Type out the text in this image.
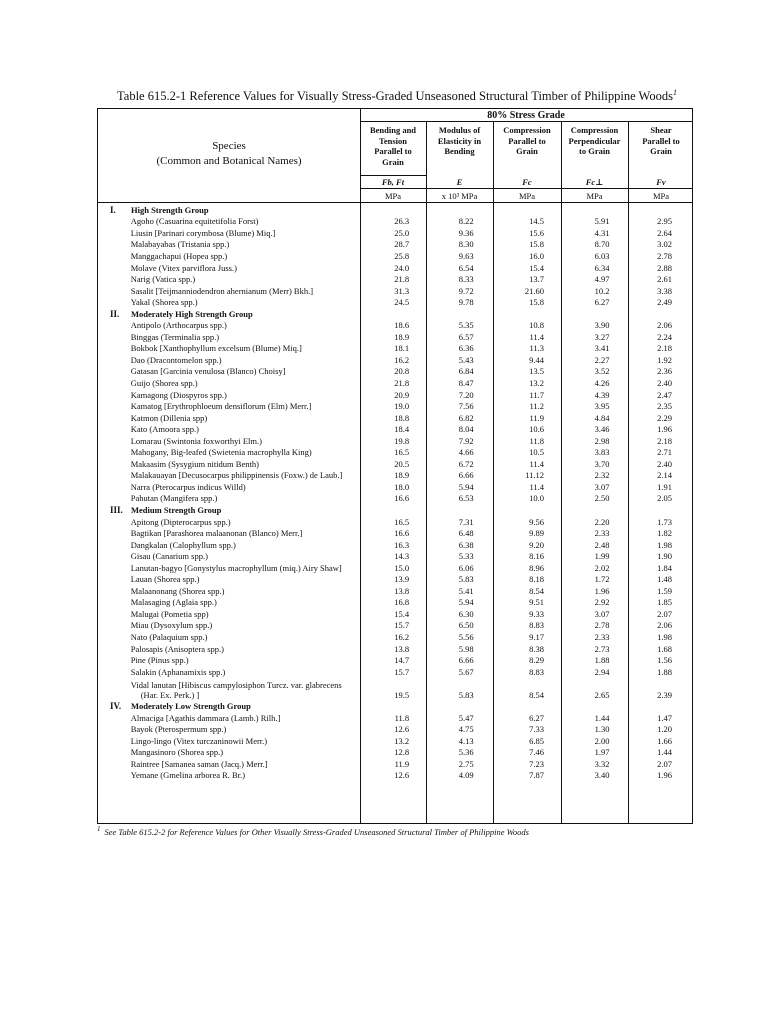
Table 615.2-1 Reference Values for Visually Stress-Graded Unseasoned Structural Timber of Philippine Woods$^1$
80% Stress Grade
Species
(Common and Botanical Names)
Bending and
Tension
Parallel to
Grain
Fb, Ft
MPa
Modulus of
Elasticity in
Bending
E
x 10³ MPa
Compression
Parallel to
Grain
Fc
MPa
Compression
Perpendicular
to Grain
Fc⊥
MPa
Shear
Parallel to
Grain
Fv
MPa
I.	High Strength Group
Agoho (Casuarina equitetifolia Forst)	26.3	8.22	14.5	5.91	2.95
Liusin [Parinari corymbosa (Blume) Miq.]	25.0	9.36	15.6	4.31	2.64
Malabayabas (Tristania spp.)	28.7	8.30	15.8	8.70	3.02
Manggachapui (Hopea spp.)	25.8	9.63	16.0	6.03	2.78
Molave (Vitex parviflora Juss.)	24.0	6.54	15.4	6.34	2.88
Narig (Vatica spp.)	21.8	8.33	13.7	4.97	2.61
Sasalit [Teijmanniodendron ahernianum (Merr) Bkh.]	31.3	9.72	21.60	10.2	3.38
Yakal (Shorea spp.)	24.5	9.78	15.8	6.27	2.49
II.	Moderately High Strength Group
Antipolo (Arthocarpus spp.)	18.6	5.35	10.8	3.90	2.06
Binggas (Terminalia spp.)	18.9	6.57	11.4	3.27	2.24
Bokbok [Xanthophyllum excelsum (Blume) Miq.]	18.1	6.36	11.3	3.41	2.18
Dao (Dracontomelon spp.)	16.2	5.43	9.44	2.27	1.92
Gatasan [Garcinia venulosa (Blanco) Choisy]	20.8	6.84	13.5	3.52	2.36
Guijo (Shorea spp.)	21.8	8.47	13.2	4.26	2.40
Kamagong (Diospyros spp.)	20.9	7.20	11.7	4.39	2.47
Kamatog [Erythrophloeum densiflorum (Elm) Merr.]	19.0	7.56	11.2	3.95	2.35
Katmon (Dillenia spp)	18.8	6.82	11.9	4.84	2.29
Kato (Amoora spp.)	18.4	8.04	10.6	3.46	1.96
Lomarau (Swintonia foxworthyi Elm.)	19.8	7.92	11.8	2.98	2.18
Mahogany, Big-leafed (Swietenia macrophylla King)	16.5	4.66	10.5	3.83	2.71
Makaasim (Sysygium nitidum Benth)	20.5	6.72	11.4	3.70	2.40
Malakauayan [Decusocarpus philippinensis (Foxw.) de Laub.]	18.9	6.66	11.12	2.32	2.14
Narra (Pterocarpus indicus Willd)	18.0	5.94	11.4	3.07	1.91
Pahutan (Mangifera spp.)	16.6	6.53	10.0	2.50	2.05
III. Medium Strength Group
Apitong (Dipterocarpus spp.)	16.5	7.31	9.56	2.20	1.73
Bagtikan [Parashorea malaanonan (Blanco) Merr.]	16.6	6.48	9.89	2.33	1.82
Dangkalan (Calophyllum spp.)	16.3	6.38	9.20	2.48	1.98
Gisau (Canarium spp.)	14.3	5.33	8.16	1.99	1.90
Lanutan-bagyo [Gonystylus macrophyllum (miq.) Airy Shaw]	15.0	6.06	8.96	2.02	1.84
Lauan (Shorea spp.)	13.9	5.83	8.18	1.72	1.48
Malaanonang (Shorea spp.)	13.8	5.41	8.54	1.96	1.59
Malasaging (Aglaia spp.)	16.8	5.94	9.51	2.92	1.85
Malugai (Pometia spp)	15.4	6.30	9.33	3.07	2.07
Miau (Dysoxylum spp.)	15.7	6.50	8.83	2.78	2.06
Nato (Palaquium spp.)	16.2	5.56	9.17	2.33	1.98
Palosapis (Anisoptera spp.)	13.8	5.98	8.38	2.73	1.68
Pine (Pinus spp.)	14.7	6.66	8.29	1.88	1.56
Salakin (Aphanamixis spp.)	15.7	5.67	8.83	2.94	1.88
Vidal lanutan [Hibiscus campylosiphon Turcz. var. glabrecens
(Har. Ex. Perk.) ]	19.5	5.83	8.54	2.65	2.39
IV.	Moderately Low Strength Group
Almaciga [Agathis dammara (Lamb.) Rilh.]	11.8	5.47	6.27	1.44	1.47
Bayok (Pterospermum spp.)	12.6	4.75	7.33	1.30	1.20
Lingo-lingo (Vitex turczaninowii Merr.)	13.2	4.13	6.85	2.00	1.66
Mangasinoro (Shorea spp.)	12.8	5.36	7.46	1.97	1.44
Raintree [Samanea saman (Jacq.) Merr.]	11.9	2.75	7.23	3.32	2.07
Yemane (Gmelina arborea R. Br.)	12.6	4.09	7.87	3.40	1.96
$^1$ See Table 615.2-2 for Reference Values for Other Visually Stress-Graded Unseasoned Structural Timber of Philippine Woods
